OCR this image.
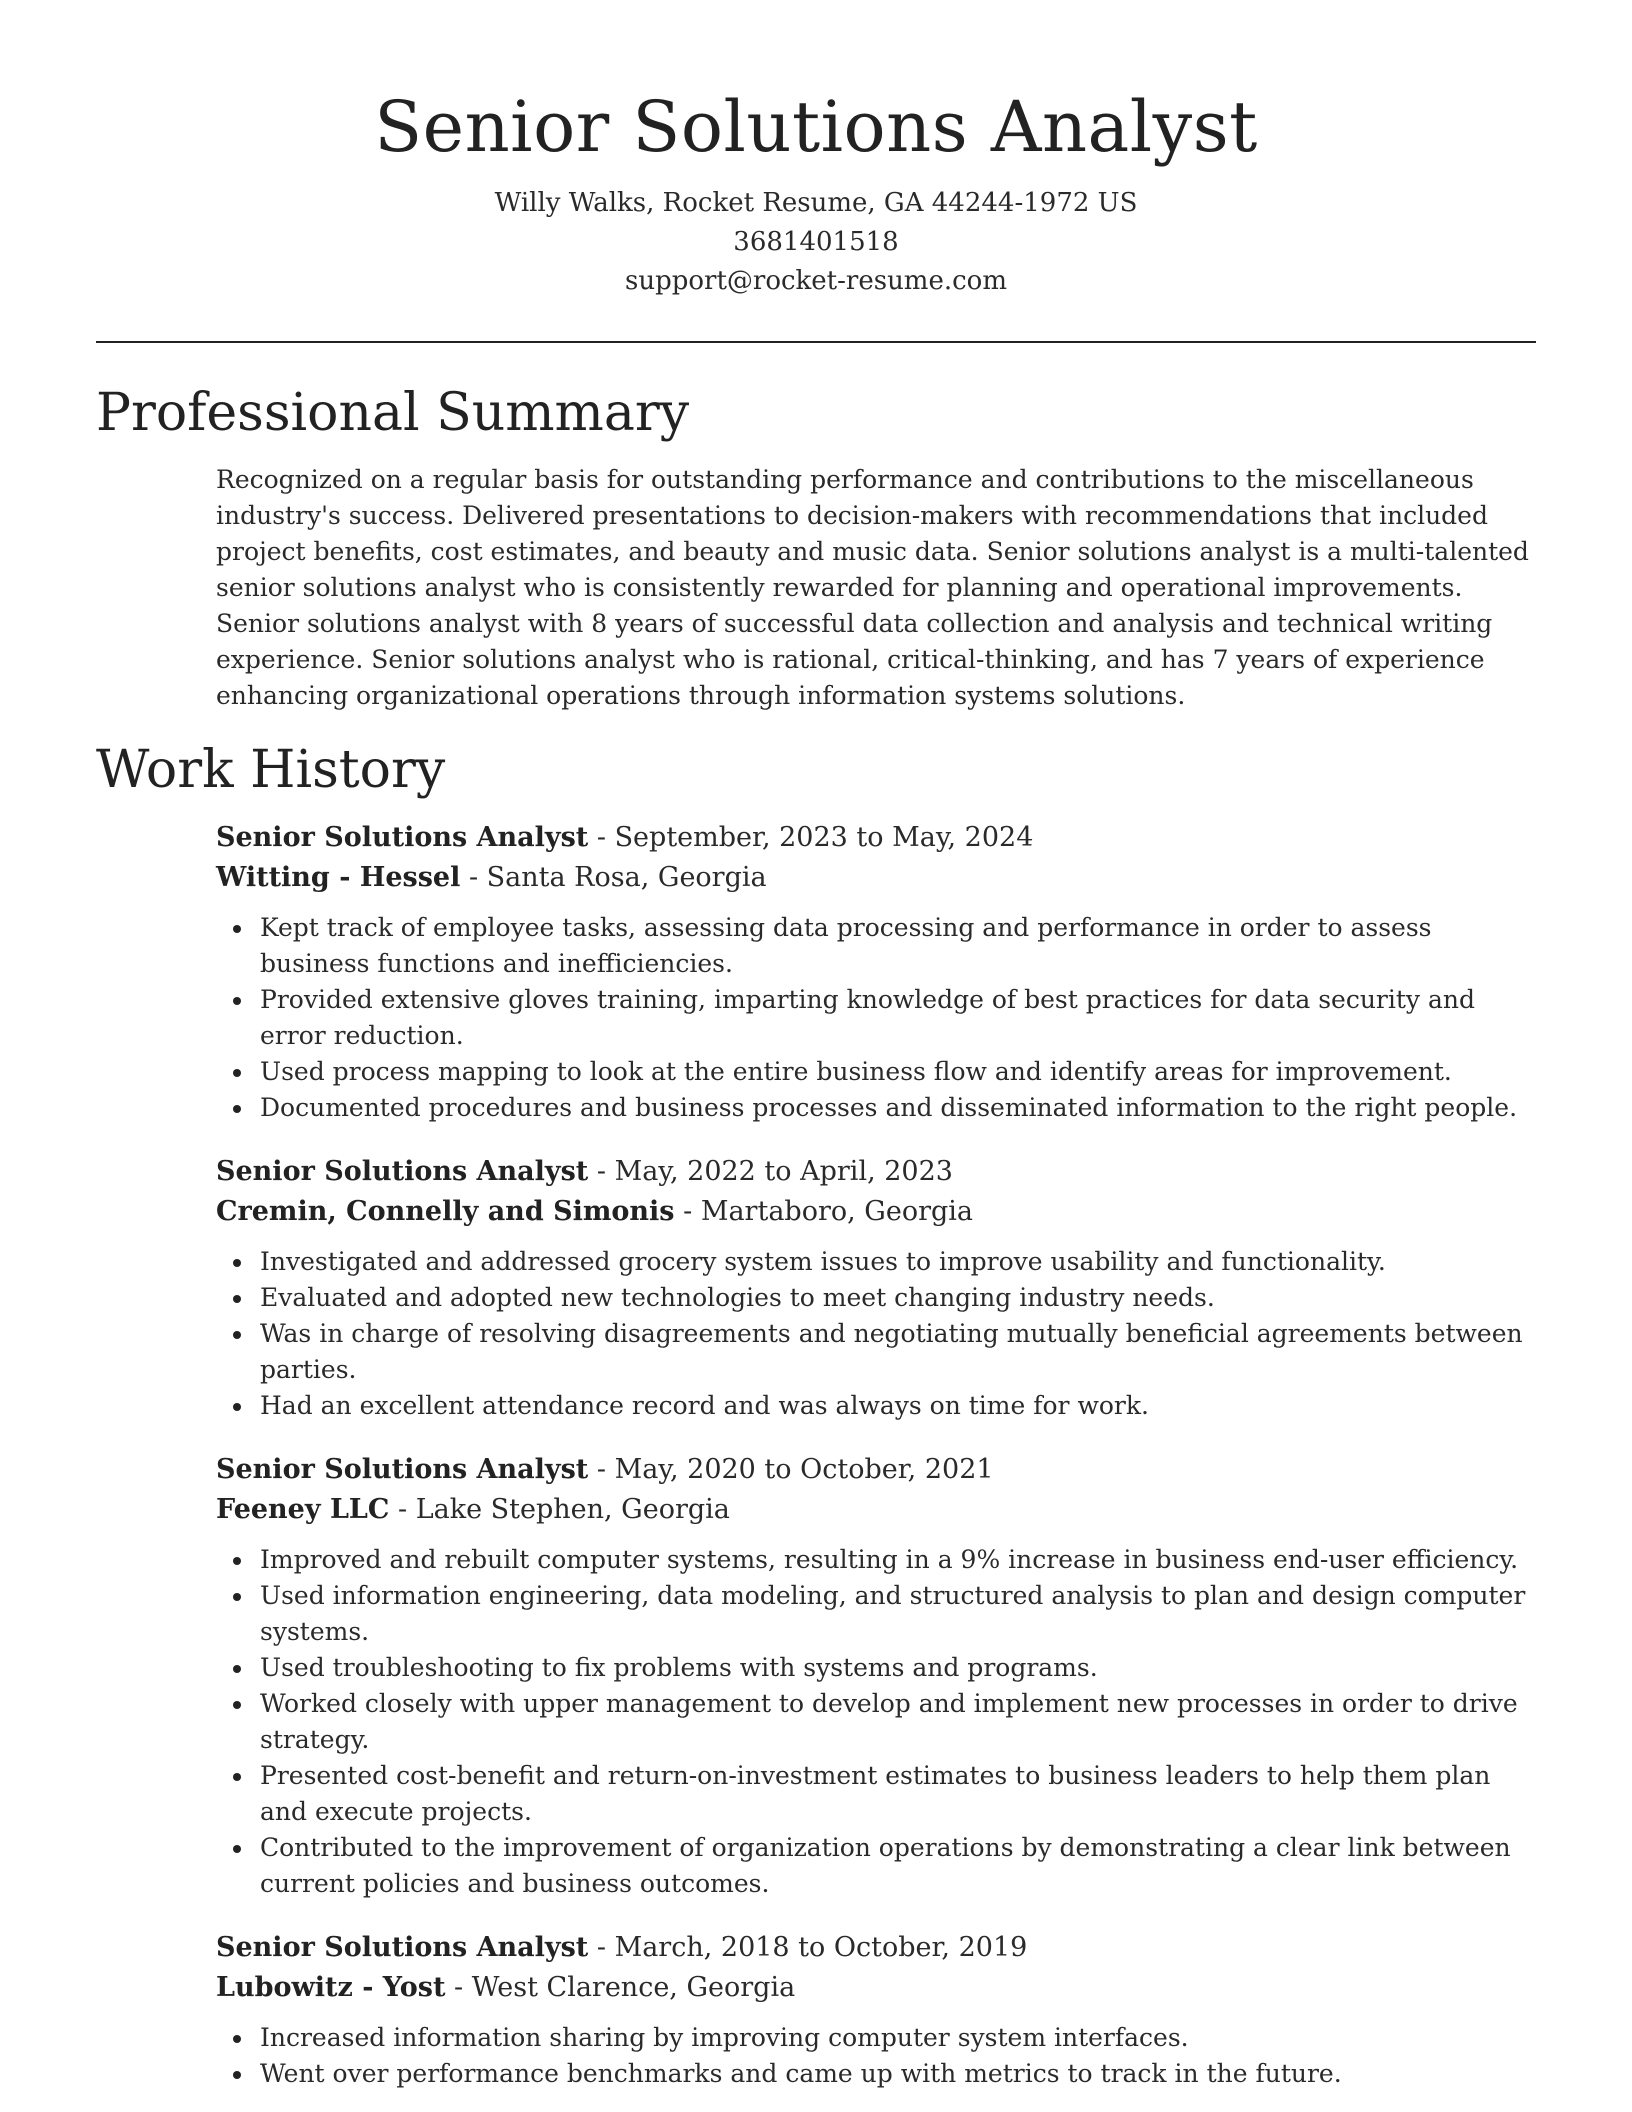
Senior Solutions Analyst
Willy Walks, Rocket Resume, GA 44244-1972 US
3681401518
support@rocket-resume.com
Professional Summary

Recognized on a regular basis for outstanding performance and contributions to the miscellaneous industry's success. Delivered presentations to decision-makers with recommendations that included project benefits, cost estimates, and beauty and music data. Senior solutions analyst is a multi-talented senior solutions analyst who is consistently rewarded for planning and operational improvements. Senior solutions analyst with 8 years of successful data collection and analysis and technical writing experience. Senior solutions analyst who is rational, critical-thinking, and has 7 years of experience enhancing organizational operations through information systems solutions.

Work History
Senior Solutions Analyst - September, 2023 to May, 2024
Witting - Hessel - Santa Rosa, Georgia
Kept track of employee tasks, assessing data processing and performance in order to assess business functions and inefficiencies.
Provided extensive gloves training, imparting knowledge of best practices for data security and error reduction.
Used process mapping to look at the entire business flow and identify areas for improvement.
Documented procedures and business processes and disseminated information to the right people.
Senior Solutions Analyst - May, 2022 to April, 2023
Cremin, Connelly and Simonis - Martaboro, Georgia
Investigated and addressed grocery system issues to improve usability and functionality.
Evaluated and adopted new technologies to meet changing industry needs.
Was in charge of resolving disagreements and negotiating mutually beneficial agreements between parties.
Had an excellent attendance record and was always on time for work.
Senior Solutions Analyst - May, 2020 to October, 2021
Feeney LLC - Lake Stephen, Georgia
Improved and rebuilt computer systems, resulting in a 9% increase in business end-user efficiency.
Used information engineering, data modeling, and structured analysis to plan and design computer systems.
Used troubleshooting to fix problems with systems and programs.
Worked closely with upper management to develop and implement new processes in order to drive strategy.
Presented cost-benefit and return-on-investment estimates to business leaders to help them plan and execute projects.
Contributed to the improvement of organization operations by demonstrating a clear link between current policies and business outcomes.
Senior Solutions Analyst - March, 2018 to October, 2019
Lubowitz - Yost - West Clarence, Georgia
Increased information sharing by improving computer system interfaces.
Went over performance benchmarks and came up with metrics to track in the future.
